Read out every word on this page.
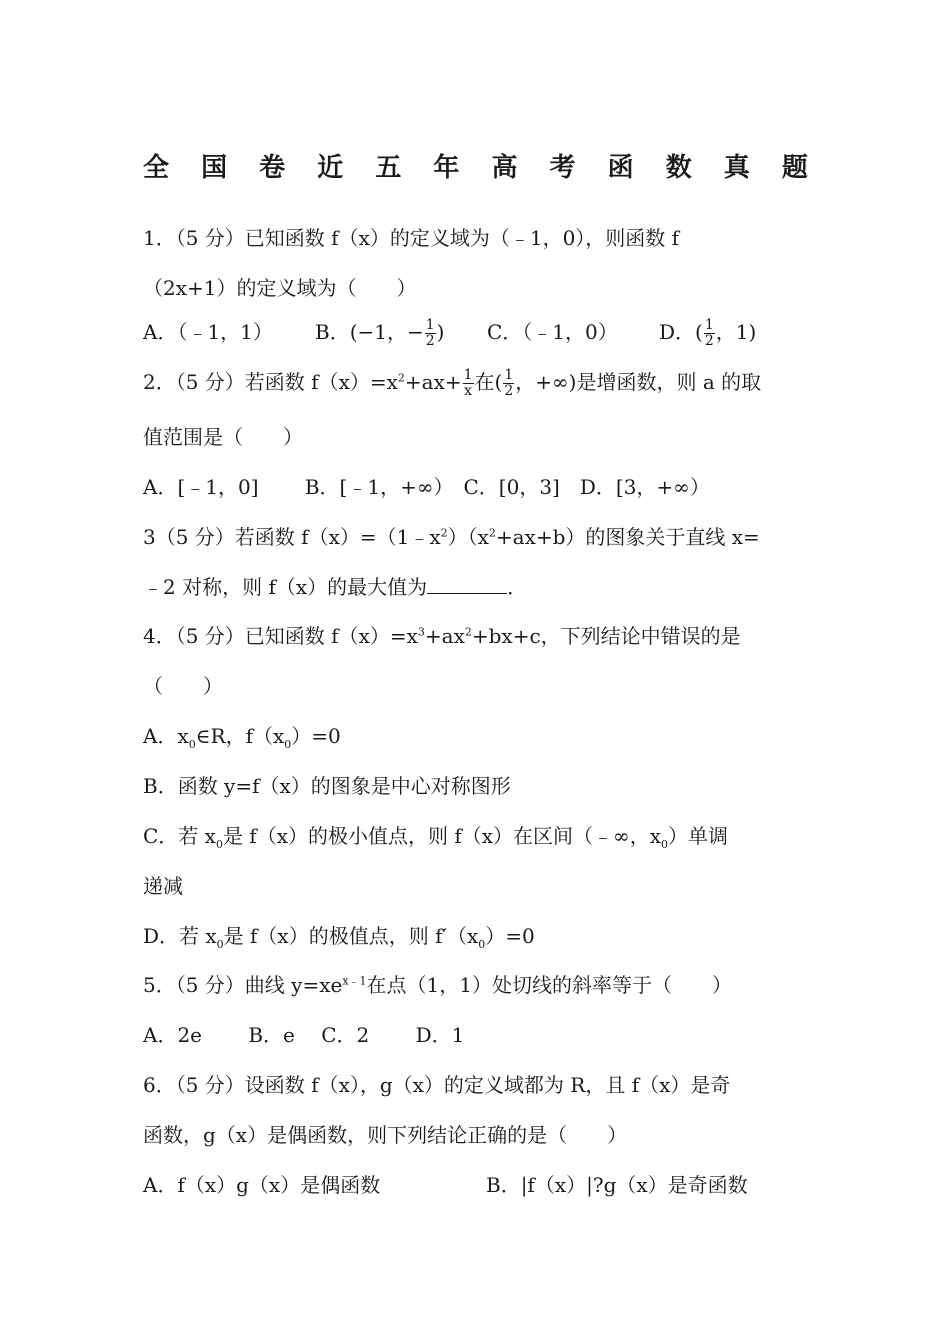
全 国 卷 近 五 年 高 考 函 数 真 题
1．（5 分）已知函数 f（x）的定义域为（﹣1，0），则函数 f
（2x+1）的定义域为（　　）
A．（﹣1，1） B．(−1，− $\frac{1}{2}$ ) C．（﹣1，0） D．( $\frac{1}{2}$ ，1)
2．（5 分）若函数 $f(x)=x^2+ax+ \frac{1}{x}$ 在( $\frac{1}{2}$ ，+∞)是增函数，则 a 的取
值范围是（　　）
A．[﹣1，0]　　 B．[﹣1，+∞）　C．[0，3]　D．[3，+∞）
3（5 分）若函数 $f(x)=(1﹣x^2)(x^2+ax+b)$的图象关于直线 x=
﹣2 对称，则 f（x）的最大值为	．
4．（5 分）已知函数 $f(x)=x^3+ax^2+bx+c$，下列结论中错误的是
（　　）
A．$x_0\in R$，$f(x_0)=0$
B．函数 y=f（x）的图象是中心对称图形
C．若 $x_0$是 f（x）的极小值点，则 f（x）在区间（﹣∞，$x_0$）单调
递减
D．若 $x_0$是 f（x）的极值点，则 $f'(x_0)=0$
5．（5 分）曲线 $y=xe^{x﹣1}$在点（1，1）处切线的斜率等于（　　）
A．2e　　 B．e　 C．2　　 D．1
6．（5 分）设函数 f（x），g（x）的定义域都为 R，且 f（x）是奇
函数，g（x）是偶函数，则下列结论正确的是（　　）
A．f（x）g（x）是偶函数	B．|f（x）|?g（x）是奇函数
